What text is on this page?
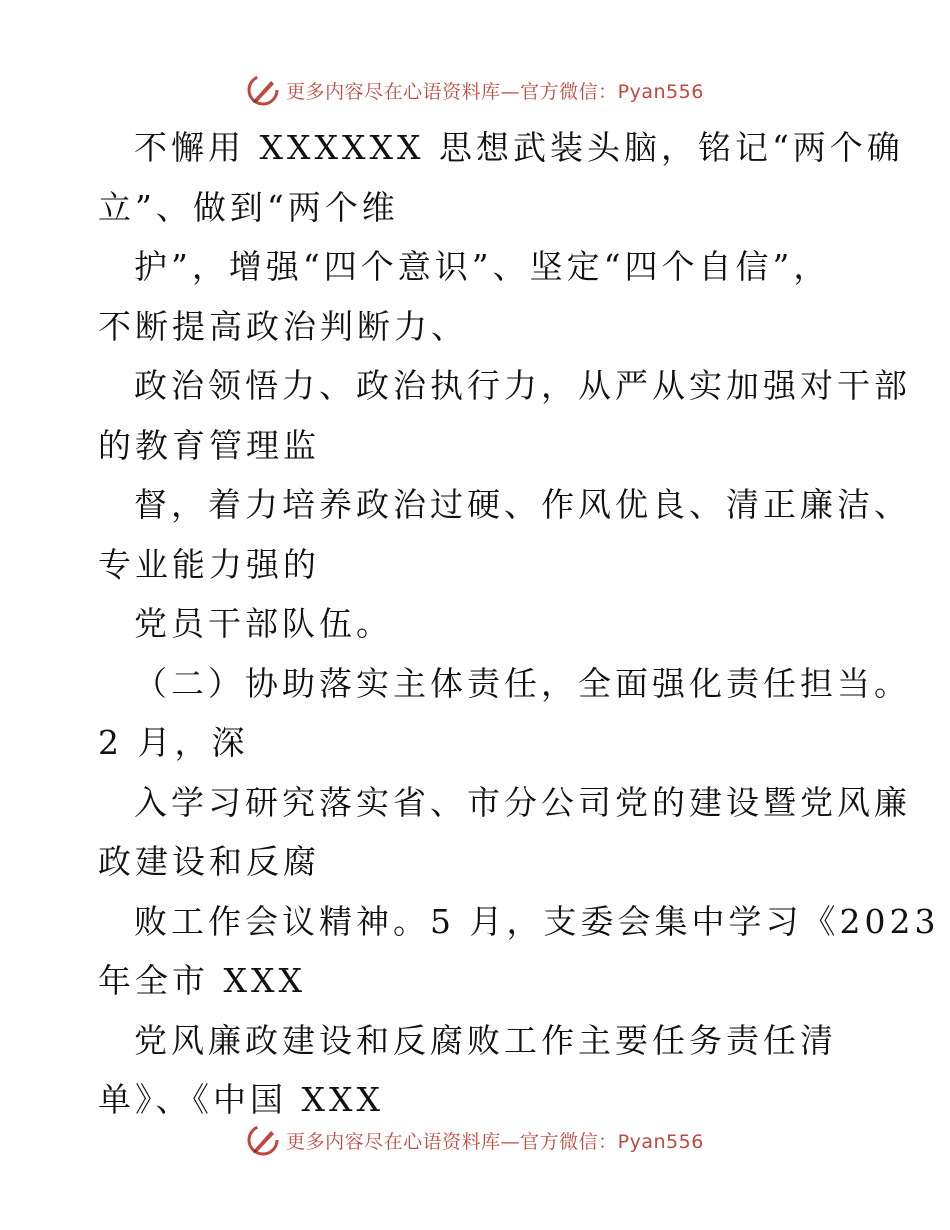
更多内容尽在心语资料库—官方微信：Pyan556
不懈用 XXXXXX 思想武装头脑，铭记“两个确
立”、做到“两个维
护”，增强“四个意识”、坚定“四个自信”，
不断提高政治判断力、
政治领悟力、政治执行力，从严从实加强对干部
的教育管理监
督，着力培养政治过硬、作风优良、清正廉洁、
专业能力强的
党员干部队伍。
（二）协助落实主体责任，全面强化责任担当。
2 月，深
入学习研究落实省、市分公司党的建设暨党风廉
政建设和反腐
败工作会议精神。5 月，支委会集中学习《2023
年全市 XXX
党风廉政建设和反腐败工作主要任务责任清
单》、《中国 XXX
更多内容尽在心语资料库—官方微信：Pyan556
